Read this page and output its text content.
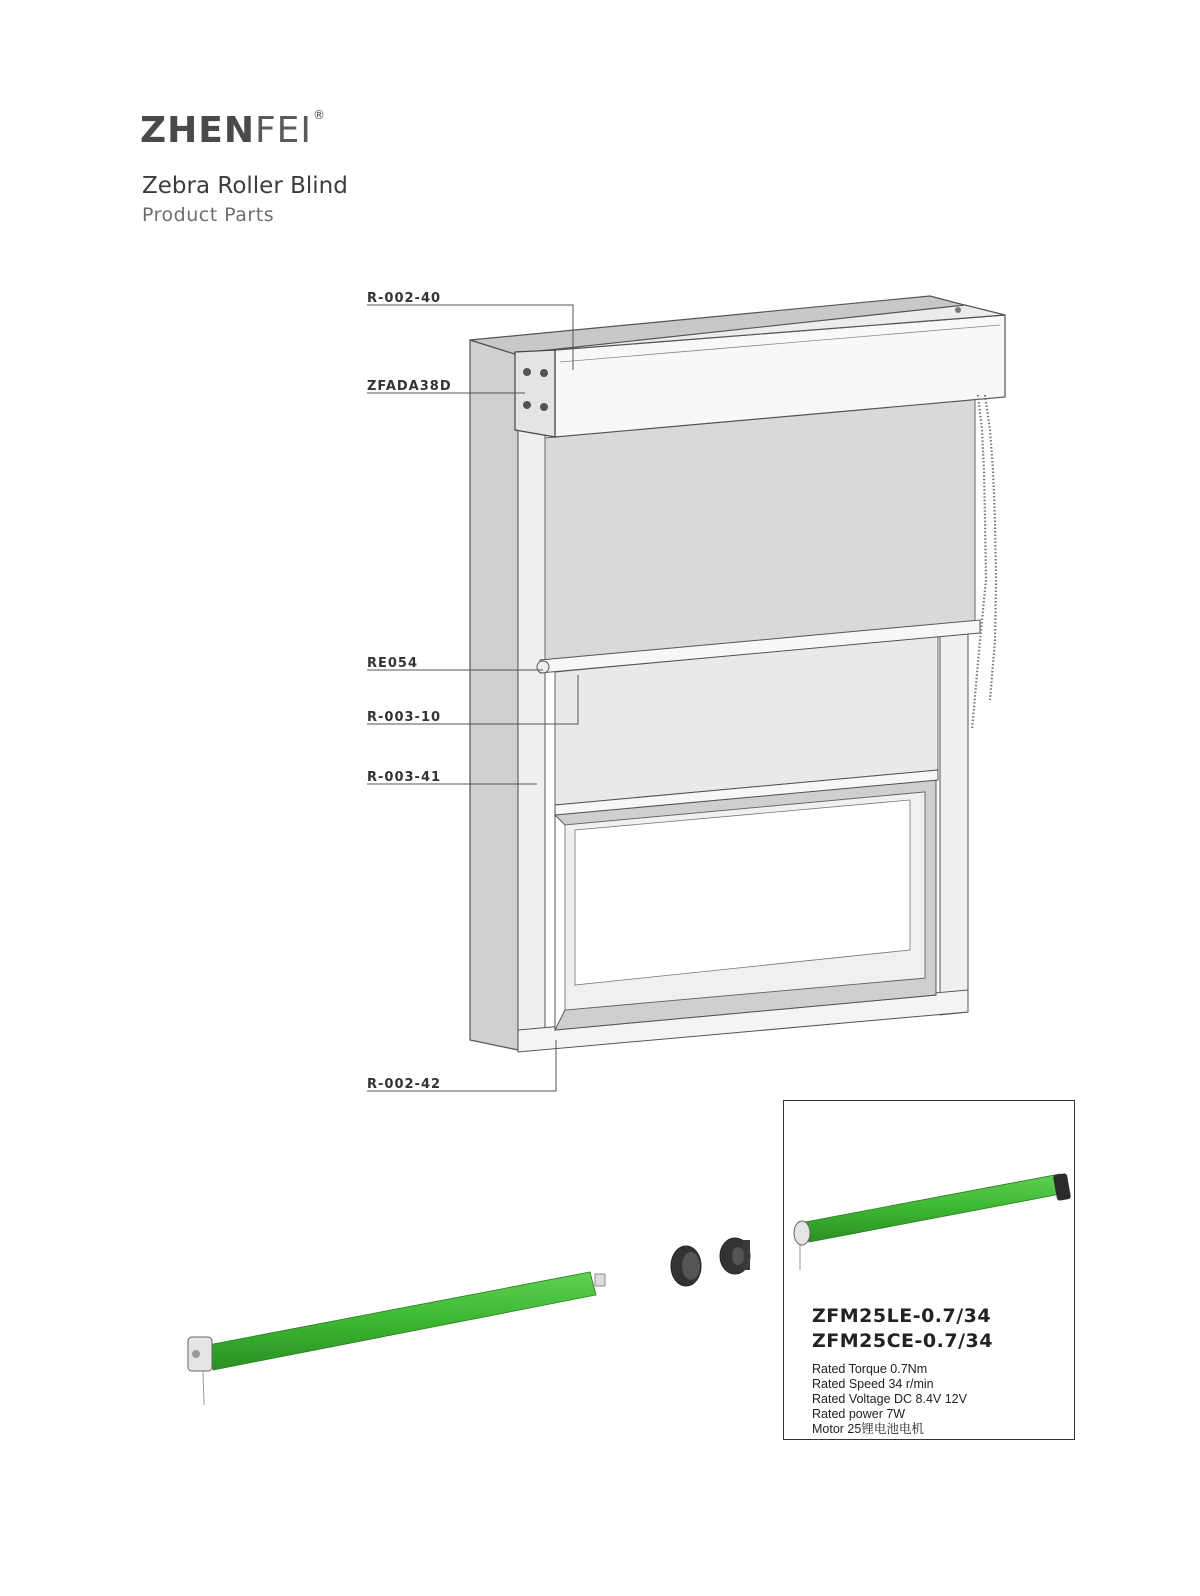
ZHENFEI®
Zebra Roller Blind
Product Parts
R-002-40
ZFADA38D
RE054
R-003-10
R-003-41
R-002-42
ZFM25LE-0.7/34
ZFM25CE-0.7/34
Rated Torque 0.7Nm
Rated Speed 34 r/min
Rated Voltage DC 8.4V 12V
Rated power 7W
Motor 25锂电池电机
